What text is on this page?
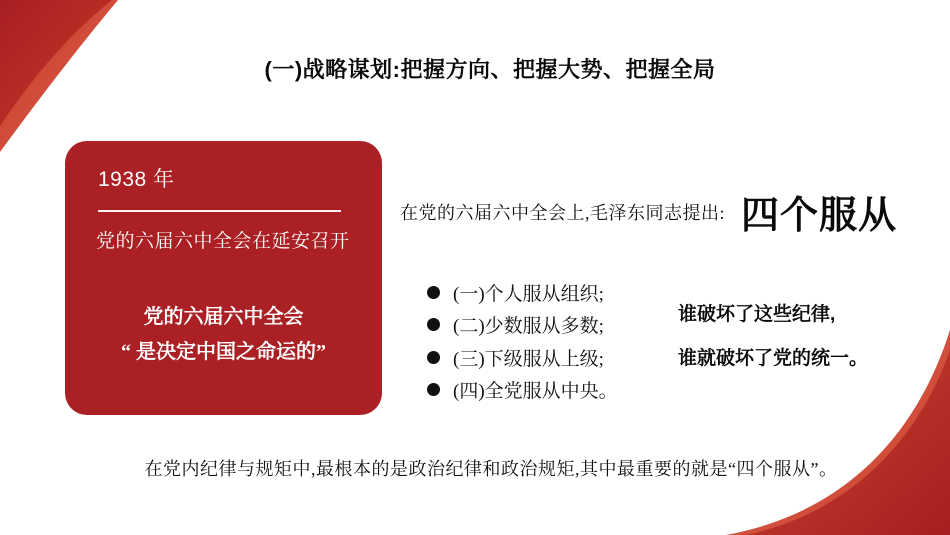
(一)战略谋划:把握方向、把握大势、把握全局
1938 年
党的六届六中全会在延安召开
党的六届六中全会
“ 是决定中国之命运的”
在党的六届六中全会上,毛泽东同志提出: 四个服从
(一)个人服从组织;
(二)少数服从多数;
(三)下级服从上级;
(四)全党服从中央。
谁破坏了这些纪律,
谁就破坏了党的统一。
在党内纪律与规矩中,最根本的是政治纪律和政治规矩,其中最重要的就是“四个服从”。
